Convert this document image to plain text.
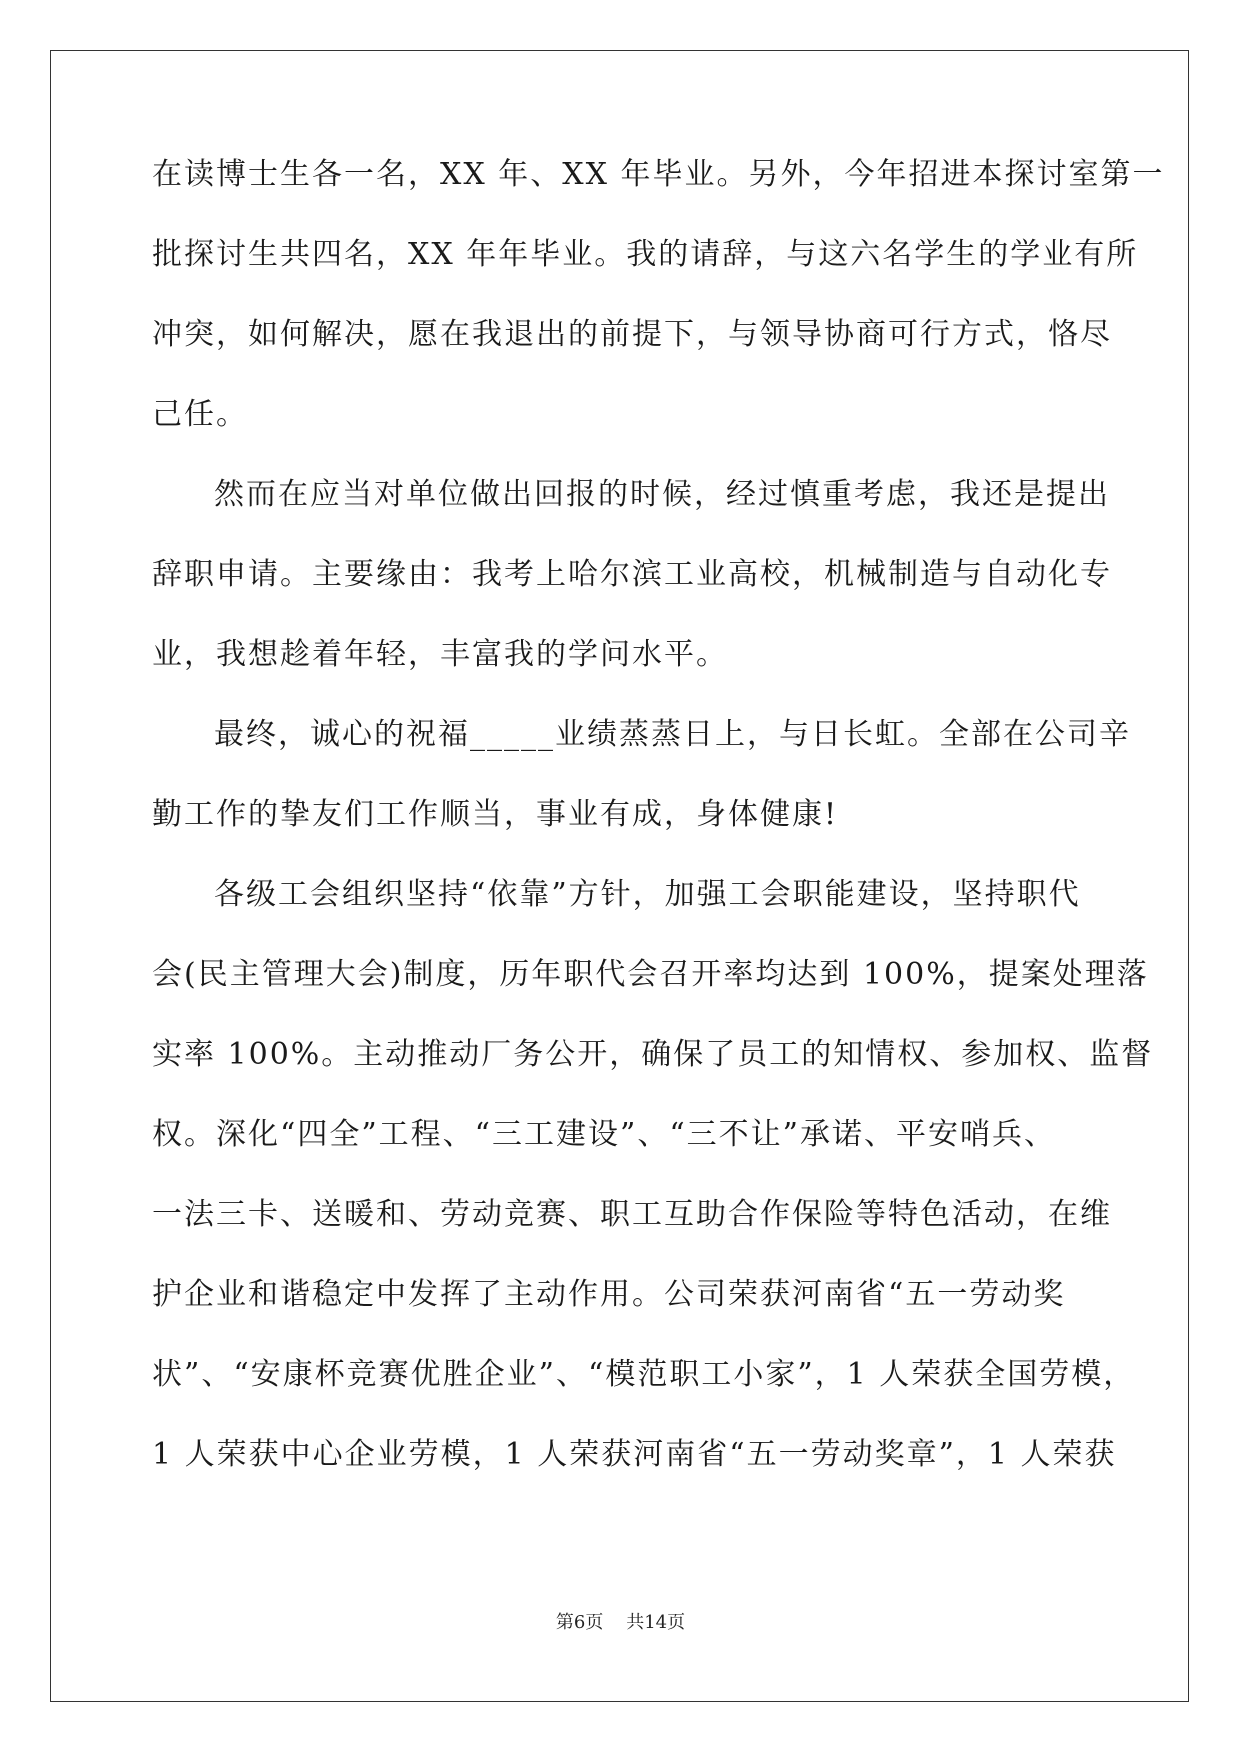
在读博士生各一名，XX 年、XX 年毕业。另外，今年招进本探讨室第一
批探讨生共四名，XX 年年毕业。我的请辞，与这六名学生的学业有所
冲突，如何解决，愿在我退出的前提下，与领导协商可行方式，恪尽
己任。
然而在应当对单位做出回报的时候，经过慎重考虑，我还是提出
辞职申请。主要缘由：我考上哈尔滨工业高校，机械制造与自动化专
业，我想趁着年轻，丰富我的学问水平。
最终，诚心的祝福_____业绩蒸蒸日上，与日长虹。全部在公司辛
勤工作的挚友们工作顺当，事业有成，身体健康!
各级工会组织坚持“依靠”方针，加强工会职能建设，坚持职代
会(民主管理大会)制度，历年职代会召开率均达到 100%，提案处理落
实率 100%。主动推动厂务公开，确保了员工的知情权、参加权、监督
权。深化“四全”工程、“三工建设”、“三不让”承诺、平安哨兵、
一法三卡、送暖和、劳动竞赛、职工互助合作保险等特色活动，在维
护企业和谐稳定中发挥了主动作用。公司荣获河南省“五一劳动奖
状”、“安康杯竞赛优胜企业”、“模范职工小家”，1 人荣获全国劳模，
1 人荣获中心企业劳模，1 人荣获河南省“五一劳动奖章”，1 人荣获
第6页 共14页
